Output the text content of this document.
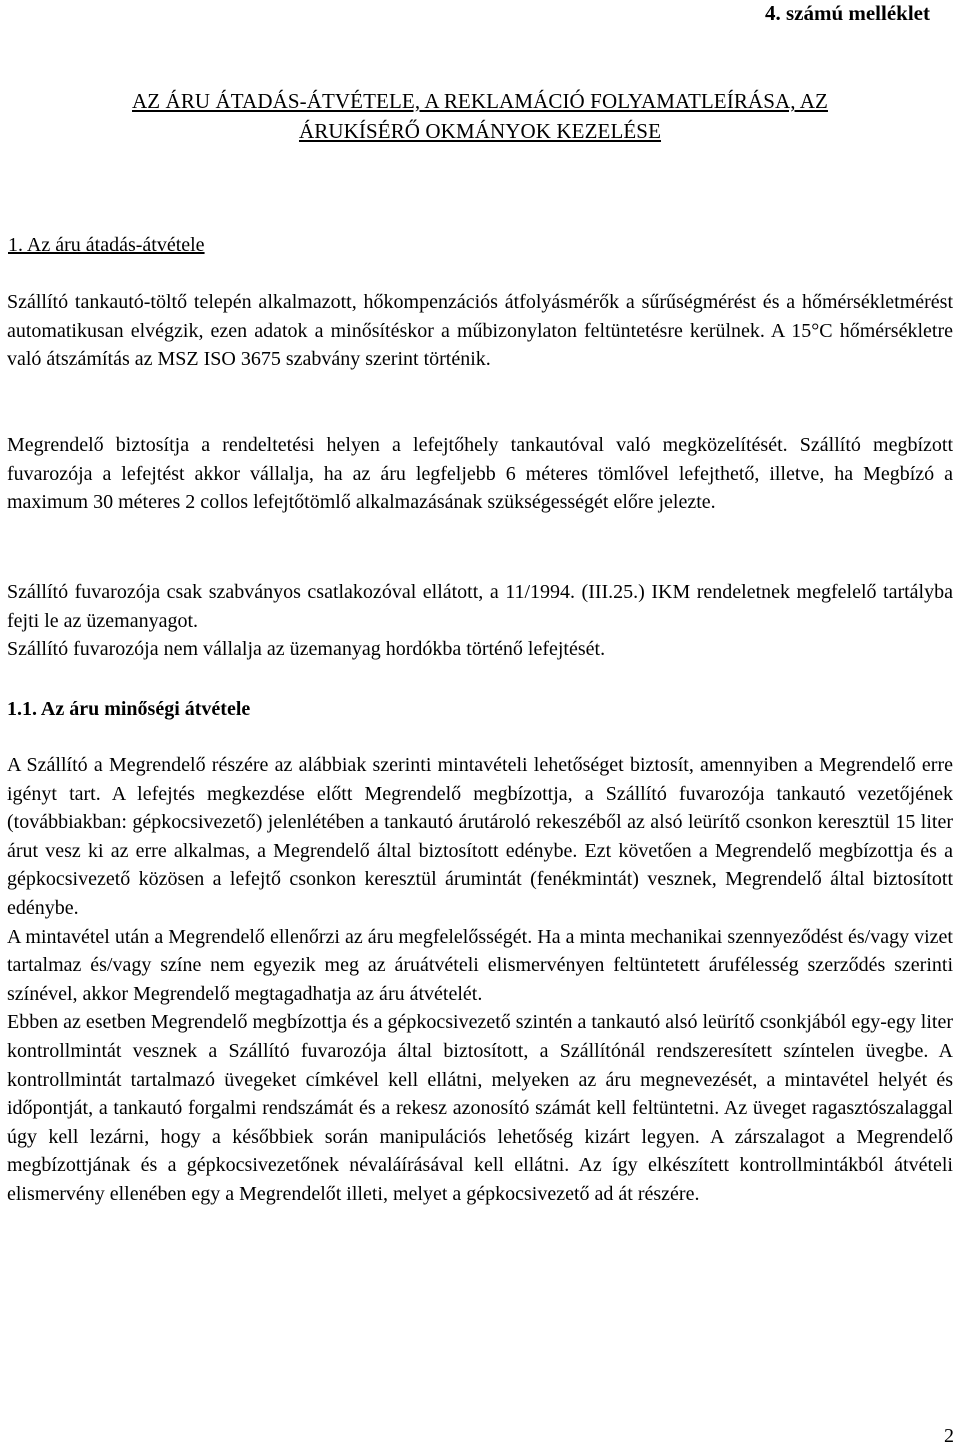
4. számú melléklet
AZ ÁRU ÁTADÁS-ÁTVÉTELE, A REKLAMÁCIÓ FOLYAMATLEÍRÁSA, AZ
ÁRUKÍSÉRŐ OKMÁNYOK KEZELÉSE
1. Az áru átadás-átvétele

Szállító tankautó-töltő telepén alkalmazott, hőkompenzációs átfolyásmérők a sűrűségmérést és a hőmérsékletmérést automatikusan elvégzik, ezen adatok a minősítéskor a műbizonylaton feltüntetésre kerülnek. A 15°C hőmérsékletre való átszámítás az MSZ ISO 3675 szabvány szerint történik.

Megrendelő biztosítja a rendeltetési helyen a lefejtőhely tankautóval való megközelítését. Szállító megbízott fuvarozója a lefejtést akkor vállalja, ha az áru legfeljebb 6 méteres tömlővel lefejthető, illetve, ha Megbízó a maximum 30 méteres 2 collos lefejtőtömlő alkalmazásának szükségességét előre jelezte.

Szállító fuvarozója csak szabványos csatlakozóval ellátott, a 11/1994. (III.25.) IKM rendeletnek megfelelő tartályba fejti le az üzemanyagot.
Szállító fuvarozója nem vállalja az üzemanyag hordókba történő lefejtését.
1.1. Az áru minőségi átvétele
A Szállító a Megrendelő részére az alábbiak szerinti mintavételi lehetőséget biztosít, amennyiben a Megrendelő erre igényt tart. A lefejtés megkezdése előtt Megrendelő megbízottja, a Szállító fuvarozója tankautó vezetőjének (továbbiakban: gépkocsivezető) jelenlétében a tankautó árutároló rekeszéből az alsó leürítő csonkon keresztül 15 liter árut vesz ki az erre alkalmas, a Megrendelő által biztosított edénybe. Ezt követően a Megrendelő megbízottja és a gépkocsivezető közösen a lefejtő csonkon keresztül árumintát (fenékmintát) vesznek, Megrendelő által biztosított edénybe.
A mintavétel után a Megrendelő ellenőrzi az áru megfelelősségét. Ha a minta mechanikai szennyeződést és/vagy vizet tartalmaz és/vagy színe nem egyezik meg az áruátvételi elismervényen feltüntetett árufélesség szerződés szerinti színével, akkor Megrendelő megtagadhatja az áru átvételét.
Ebben az esetben Megrendelő megbízottja és a gépkocsivezető szintén a tankautó alsó leürítő csonkjából egy-egy liter kontrollmintát vesznek a Szállító fuvarozója által biztosított, a Szállítónál rendszeresített színtelen üvegbe. A kontrollmintát tartalmazó üvegeket címkével kell ellátni, melyeken az áru megnevezését, a mintavétel helyét és időpontját, a tankautó forgalmi rendszámát és a rekesz azonosító számát kell feltüntetni. Az üveget ragasztószalaggal úgy kell lezárni, hogy a későbbiek során manipulációs lehetőség kizárt legyen. A zárszalagot a Megrendelő megbízottjának és a gépkocsivezetőnek névaláírásával kell ellátni. Az így elkészített kontrollmintákból átvételi elismervény ellenében egy a Megrendelőt illeti, melyet a gépkocsivezető ad át részére.
2
